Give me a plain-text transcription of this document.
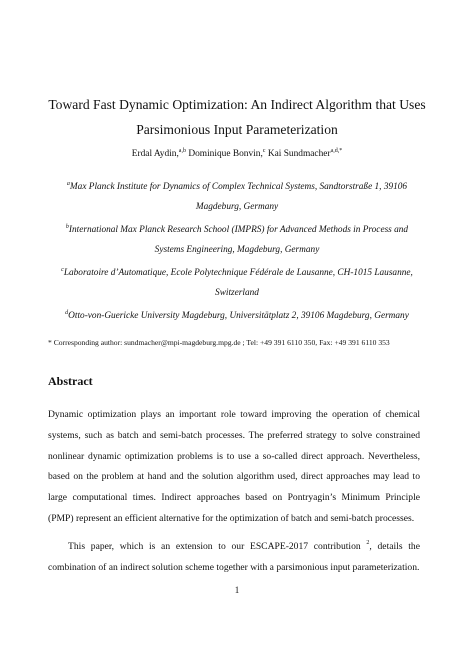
Toward Fast Dynamic Optimization: An Indirect Algorithm that Uses
Parsimonious Input Parameterization
Erdal Aydin,$^{a,b}$ Dominique Bonvin,$^c$ Kai Sundmacher$^{a,d,*}$
$^a$Max Planck Institute for Dynamics of Complex Technical Systems, Sandtorstraße 1, 39106 Magdeburg, Germany
$^b$International Max Planck Research School (IMPRS) for Advanced Methods in Process and Systems Engineering, Magdeburg, Germany
$^c$Laboratoire d’Automatique, Ecole Polytechnique Fédérale de Lausanne, CH-1015 Lausanne, Switzerland
$^d$Otto-von-Guericke University Magdeburg, Universitätplatz 2, 39106 Magdeburg, Germany
* Corresponding author: sundmacher@mpi-magdeburg.mpg.de ; Tel: +49 391 6110 350, Fax: +49 391 6110 353
Abstract
Dynamic optimization plays an important role toward improving the operation of chemical systems, such as batch and semi-batch processes. The preferred strategy to solve constrained nonlinear dynamic optimization problems is to use a so-called direct approach. Nevertheless, based on the problem at hand and the solution algorithm used, direct approaches may lead to large computational times. Indirect approaches based on Pontryagin’s Minimum Principle (PMP) represent an efficient alternative for the optimization of batch and semi-batch processes.
This paper, which is an extension to our ESCAPE-2017 contribution $^2$, details the combination of an indirect solution scheme together with a parsimonious input parameterization.
1
